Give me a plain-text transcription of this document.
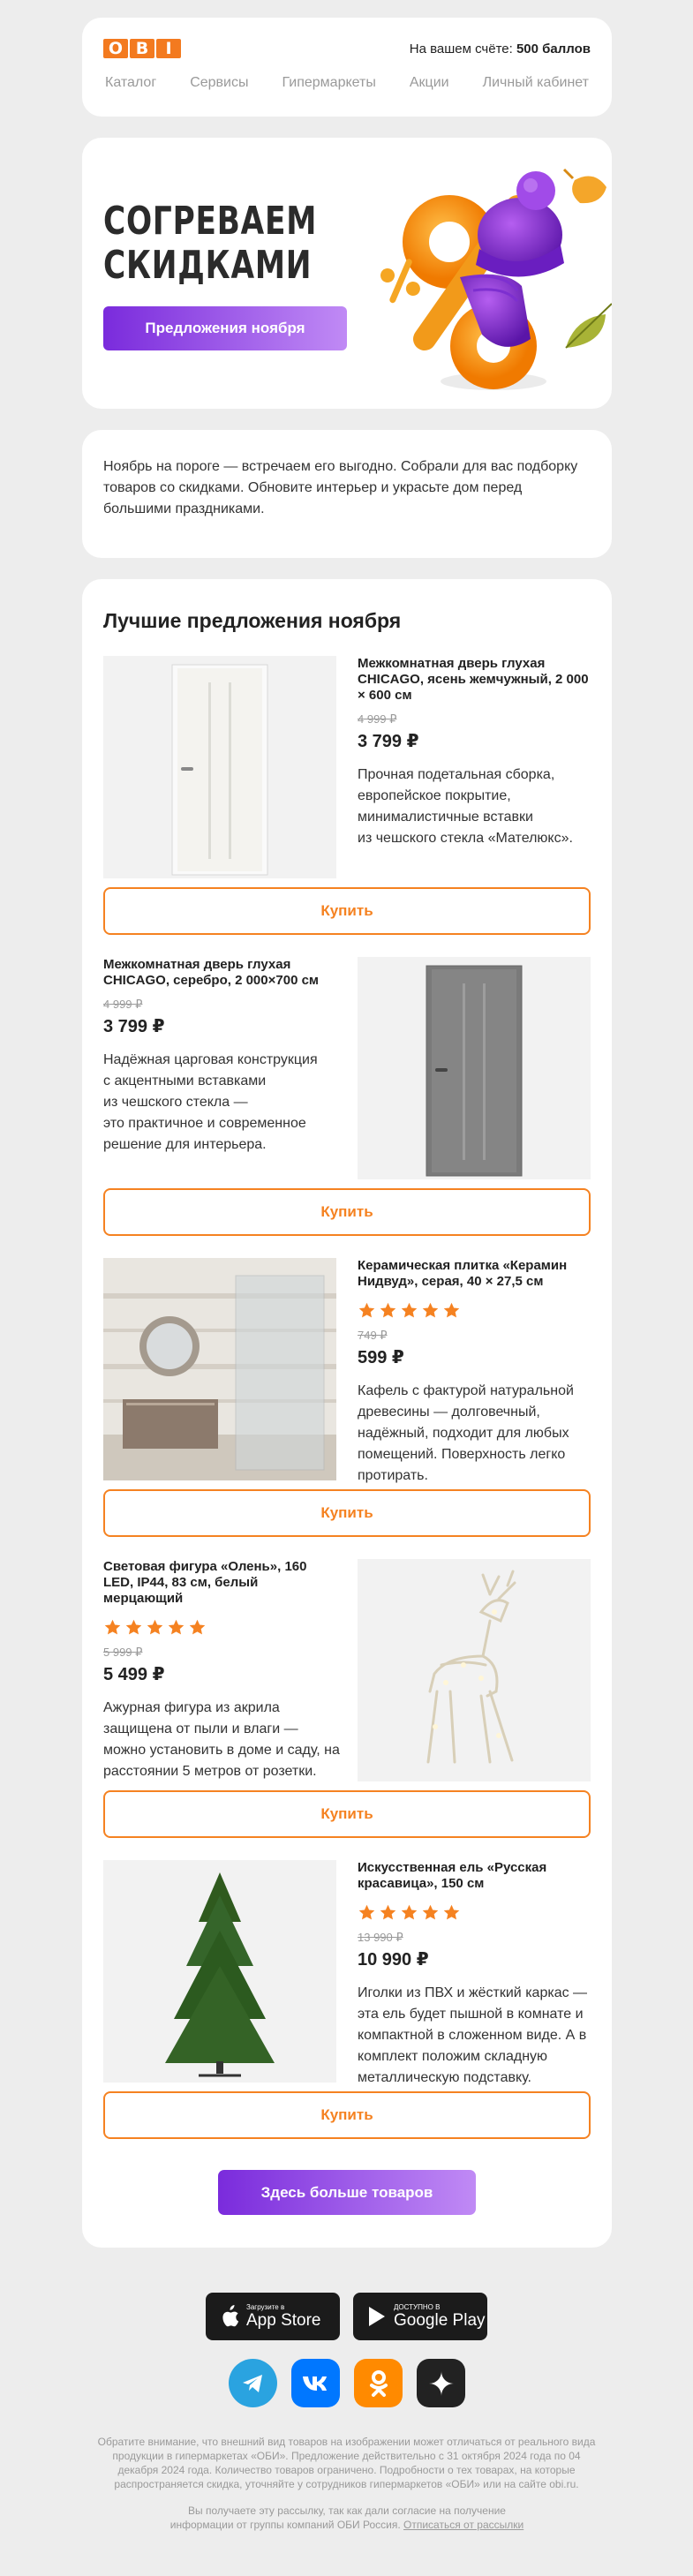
O B	I	На вашем счёте: 500 баллов
Каталог Сервисы Гипермаркеты Акции Личный кабинет
СОГРЕВАЕМ
СКИДКАМИ
Предложения ноября

Ноябрь на пороге — встречаем его выгодно. Собрали для вас подборку товаров со скидками. Обновите интерьер и украсьте дом перед большими праздниками.

Лучшие предложения ноября
Межкомнатная дверь глухая CHICAGO, ясень жемчужный, 2 000 × 600 см
4 999 ₽
3 799 ₽
Прочная подетальная сборка, европейское покрытие, минималистичные вставки
из чешского стекла «Мателюкс».
Купить
Межкомнатная дверь глухая CHICAGO, серебро, 2 000×700 см
4 999 ₽
3 799 ₽
Надёжная царговая конструкция
с акцентными вставками
из чешского стекла —
это практичное и современное решение для интерьера.
Купить
Керамическая плитка «Керамин Нидвуд», серая, 40 × 27,5 см
749 ₽
599 ₽
Кафель с фактурой натуральной древесины — долговечный, надёжный, подходит для любых помещений. Поверхность легко протирать.
Купить
Световая фигура «Олень», 160 LED, IP44, 83 см, белый мерцающий
5 999 ₽
5 499 ₽
Ажурная фигура из акрила защищена от пыли и влаги — можно установить в доме и саду, на расстоянии 5 метров от розетки.
Купить
Искусственная ель «Русская красавица», 150 см
13 990 ₽
10 990 ₽
Иголки из ПВХ и жёсткий каркас — эта ель будет пышной в комнате и компактной в сложенном виде. А в комплект положим складную металлическую подставку.
Купить
Здесь больше товаров
Загрузите в
App Store
ДОСТУПНО В
Google Play

Обратите внимание, что внешний вид товаров на изображении может отличаться от реального вида продукции в гипермаркетах «ОБИ». Предложение действительно с 31 октября 2024 года по 04 декабря 2024 года. Количество товаров ограничено. Подробности о тех товарах, на которые распространяется скидка, уточняйте у сотрудников гипермаркетов «ОБИ» или на сайте obi.ru.

Вы получаете эту рассылку, так как дали согласие на получение информации от группы компаний ОБИ Россия. Отписаться от рассылки
